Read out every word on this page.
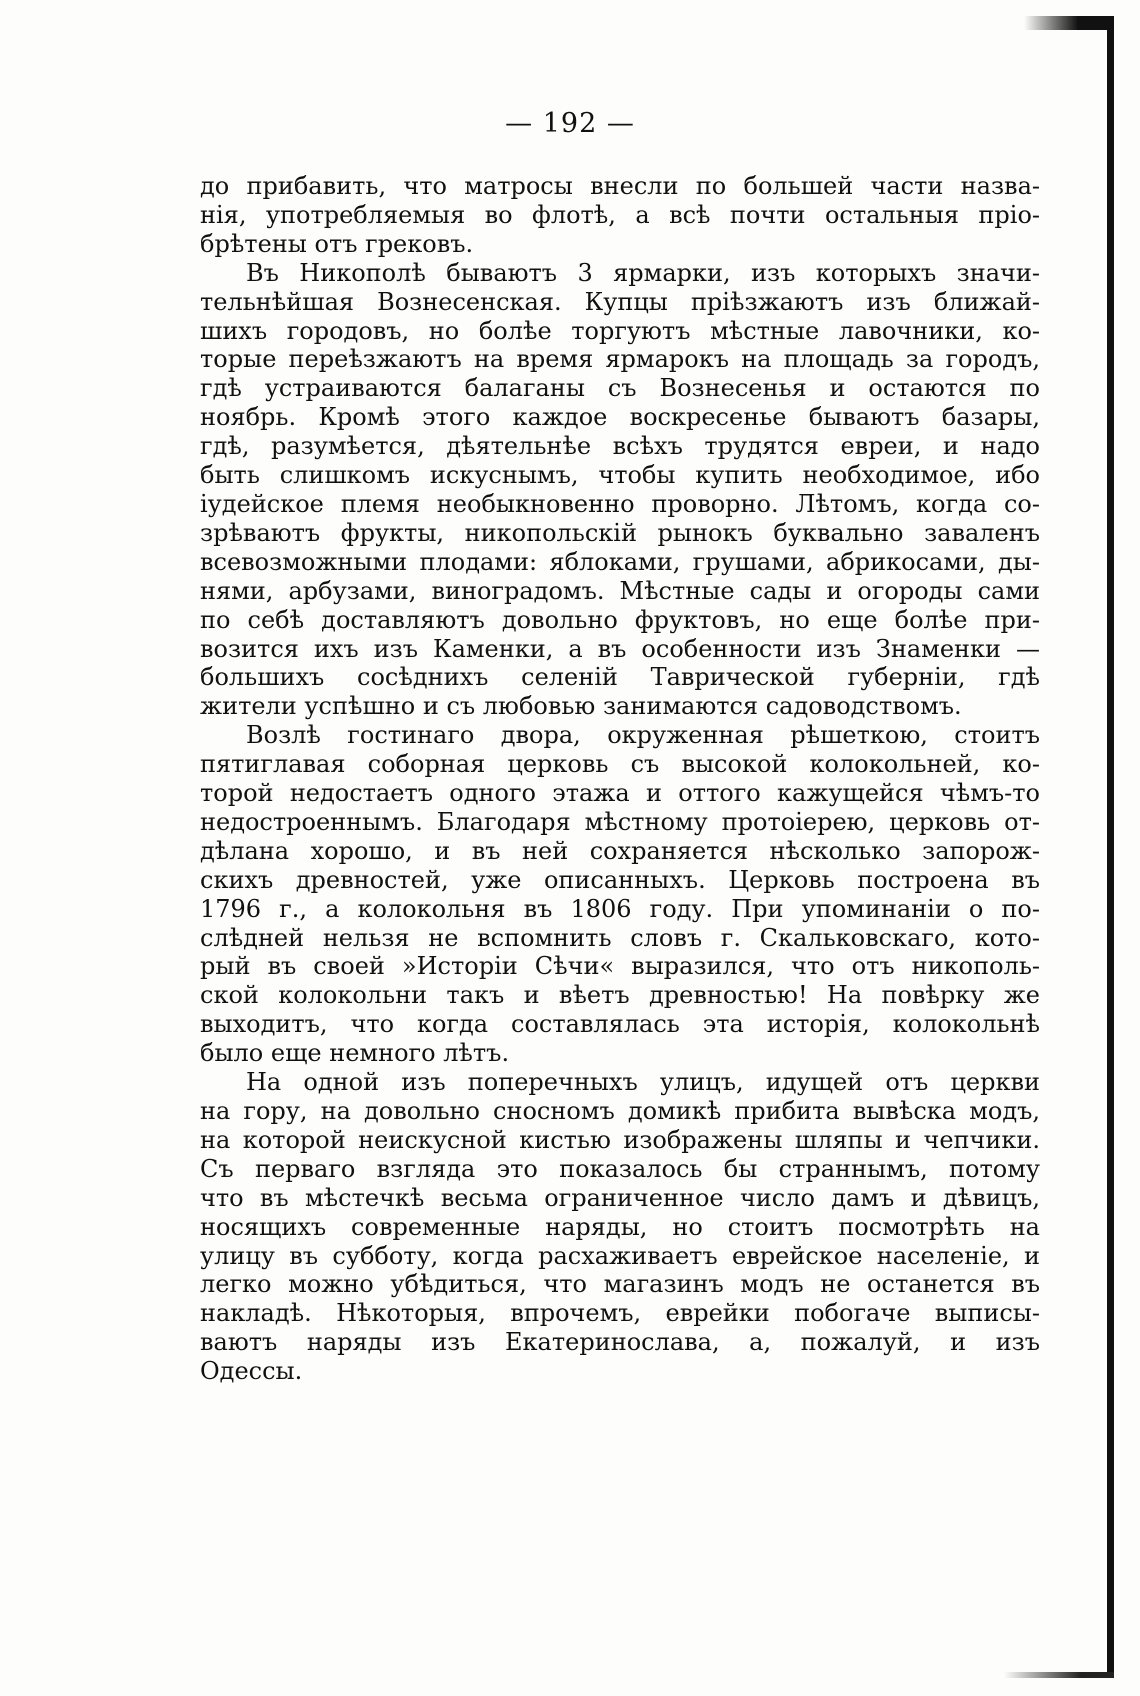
— 192 —

до прибавить, что матросы внесли по большей части назва-
нія, употребляемыя во флотѣ, а всѣ почти остальныя пріо-
брѣтены отъ грековъ.

Въ Никополѣ бываютъ 3 ярмарки, изъ которыхъ значи-
тельнѣйшая Вознесенская. Купцы пріѣзжаютъ изъ ближай-
шихъ городовъ, но болѣе торгуютъ мѣстные лавочники, ко-
торые переѣзжаютъ на время ярмарокъ на площадь за городъ,
гдѣ устраиваются балаганы съ Вознесенья и остаются по
ноябрь. Кромѣ этого каждое воскресенье бываютъ базары,
гдѣ, разумѣется, дѣятельнѣе всѣхъ трудятся евреи, и надо
быть слишкомъ искуснымъ, чтобы купить необходимое, ибо
іудейское племя необыкновенно проворно. Лѣтомъ, когда со-
зрѣваютъ фрукты, никопольскій рынокъ буквально заваленъ
всевозможными плодами: яблоками, грушами, абрикосами, ды-
нями, арбузами, виноградомъ. Мѣстные сады и огороды сами
по себѣ доставляютъ довольно фруктовъ, но еще болѣе при-
возится ихъ изъ Каменки, а въ особенности изъ Знаменки —
большихъ сосѣднихъ селеній Таврической губерніи, гдѣ
жители успѣшно и съ любовью занимаются садоводствомъ.

Возлѣ гостинаго двора, окруженная рѣшеткою, стоитъ
пятиглавая соборная церковь съ высокой колокольней, ко-
торой недостаетъ одного этажа и оттого кажущейся чѣмъ-то
недостроеннымъ. Благодаря мѣстному протоіерею, церковь от-
дѣлана хорошо, и въ ней сохраняется нѣсколько запорож-
скихъ древностей, уже описанныхъ. Церковь построена въ
1796 г., а колокольня въ 1806 году. При упоминаніи о по-
слѣдней нельзя не вспомнить словъ г. Скальковскаго, кото-
рый въ своей »Исторіи Сѣчи« выразился, что отъ никополь-
ской колокольни такъ и вѣетъ древностью! На повѣрку же
выходитъ, что когда составлялась эта исторія, колокольнѣ
было еще немного лѣтъ.

На одной изъ поперечныхъ улицъ, идущей отъ церкви
на гору, на довольно сносномъ домикѣ прибита вывѣска модъ,
на которой неискусной кистью изображены шляпы и чепчики.
Съ перваго взгляда это показалось бы страннымъ, потому
что въ мѣстечкѣ весьма ограниченное число дамъ и дѣвицъ,
носящихъ современные наряды, но стоитъ посмотрѣть на
улицу въ субботу, когда расхаживаетъ еврейское населеніе, и
легко можно убѣдиться, что магазинъ модъ не останется въ
накладѣ. Нѣкоторыя, впрочемъ, еврейки побогаче выписы-
ваютъ наряды изъ Екатеринослава, а, пожалуй, и изъ
Одессы.
